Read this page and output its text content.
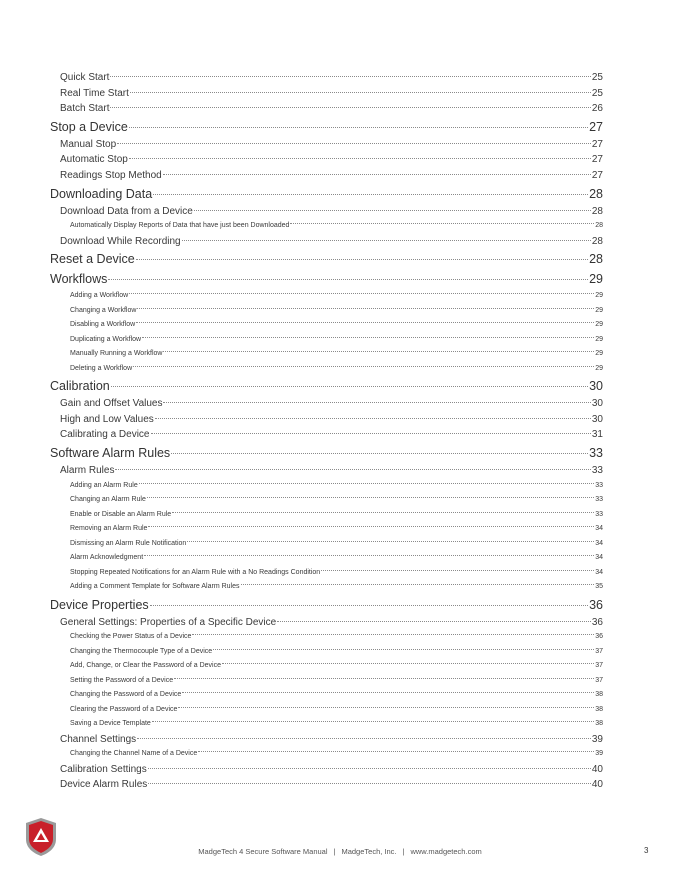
Quick Start	25
Real Time Start	25
Batch Start	26
Stop a Device	27
Manual Stop	27
Automatic Stop	27
Readings Stop Method	27
Downloading Data	28
Download Data from a Device	28
Automatically Display Reports of Data that have just been Downloaded	28
Download While Recording	28
Reset a Device	28
Workflows	29
Adding a Workflow	29
Changing a Workflow	29
Disabling a Workflow	29
Duplicating a Workflow	29
Manually Running a Workflow	29
Deleting a Workflow	29
Calibration	30
Gain and Offset Values	30
High and Low Values	30
Calibrating a Device	31
Software Alarm Rules	33
Alarm Rules	33
Adding an Alarm Rule	33
Changing an Alarm Rule	33
Enable or Disable an Alarm Rule	33
Removing an Alarm Rule	34
Dismissing an Alarm Rule Notification	34
Alarm Acknowledgment	34
Stopping Repeated Notifications for an Alarm Rule with a No Readings Condition	34
Adding a Comment Template for Software Alarm Rules	35
Device Properties	36
General Settings: Properties of a Specific Device	36
Checking the Power Status of a Device	36
Changing the Thermocouple Type of a Device	37
Add, Change, or Clear the Password of a Device	37
Setting the Password of a Device	37
Changing the Password of a Device	38
Clearing the Password of a Device	38
Saving a Device Template	38
Channel Settings	39
Changing the Channel Name of a Device	39
Calibration Settings	40
Device Alarm Rules	40
MadgeTech 4 Secure Software Manual | MadgeTech, Inc. | www.madgetech.com	3
